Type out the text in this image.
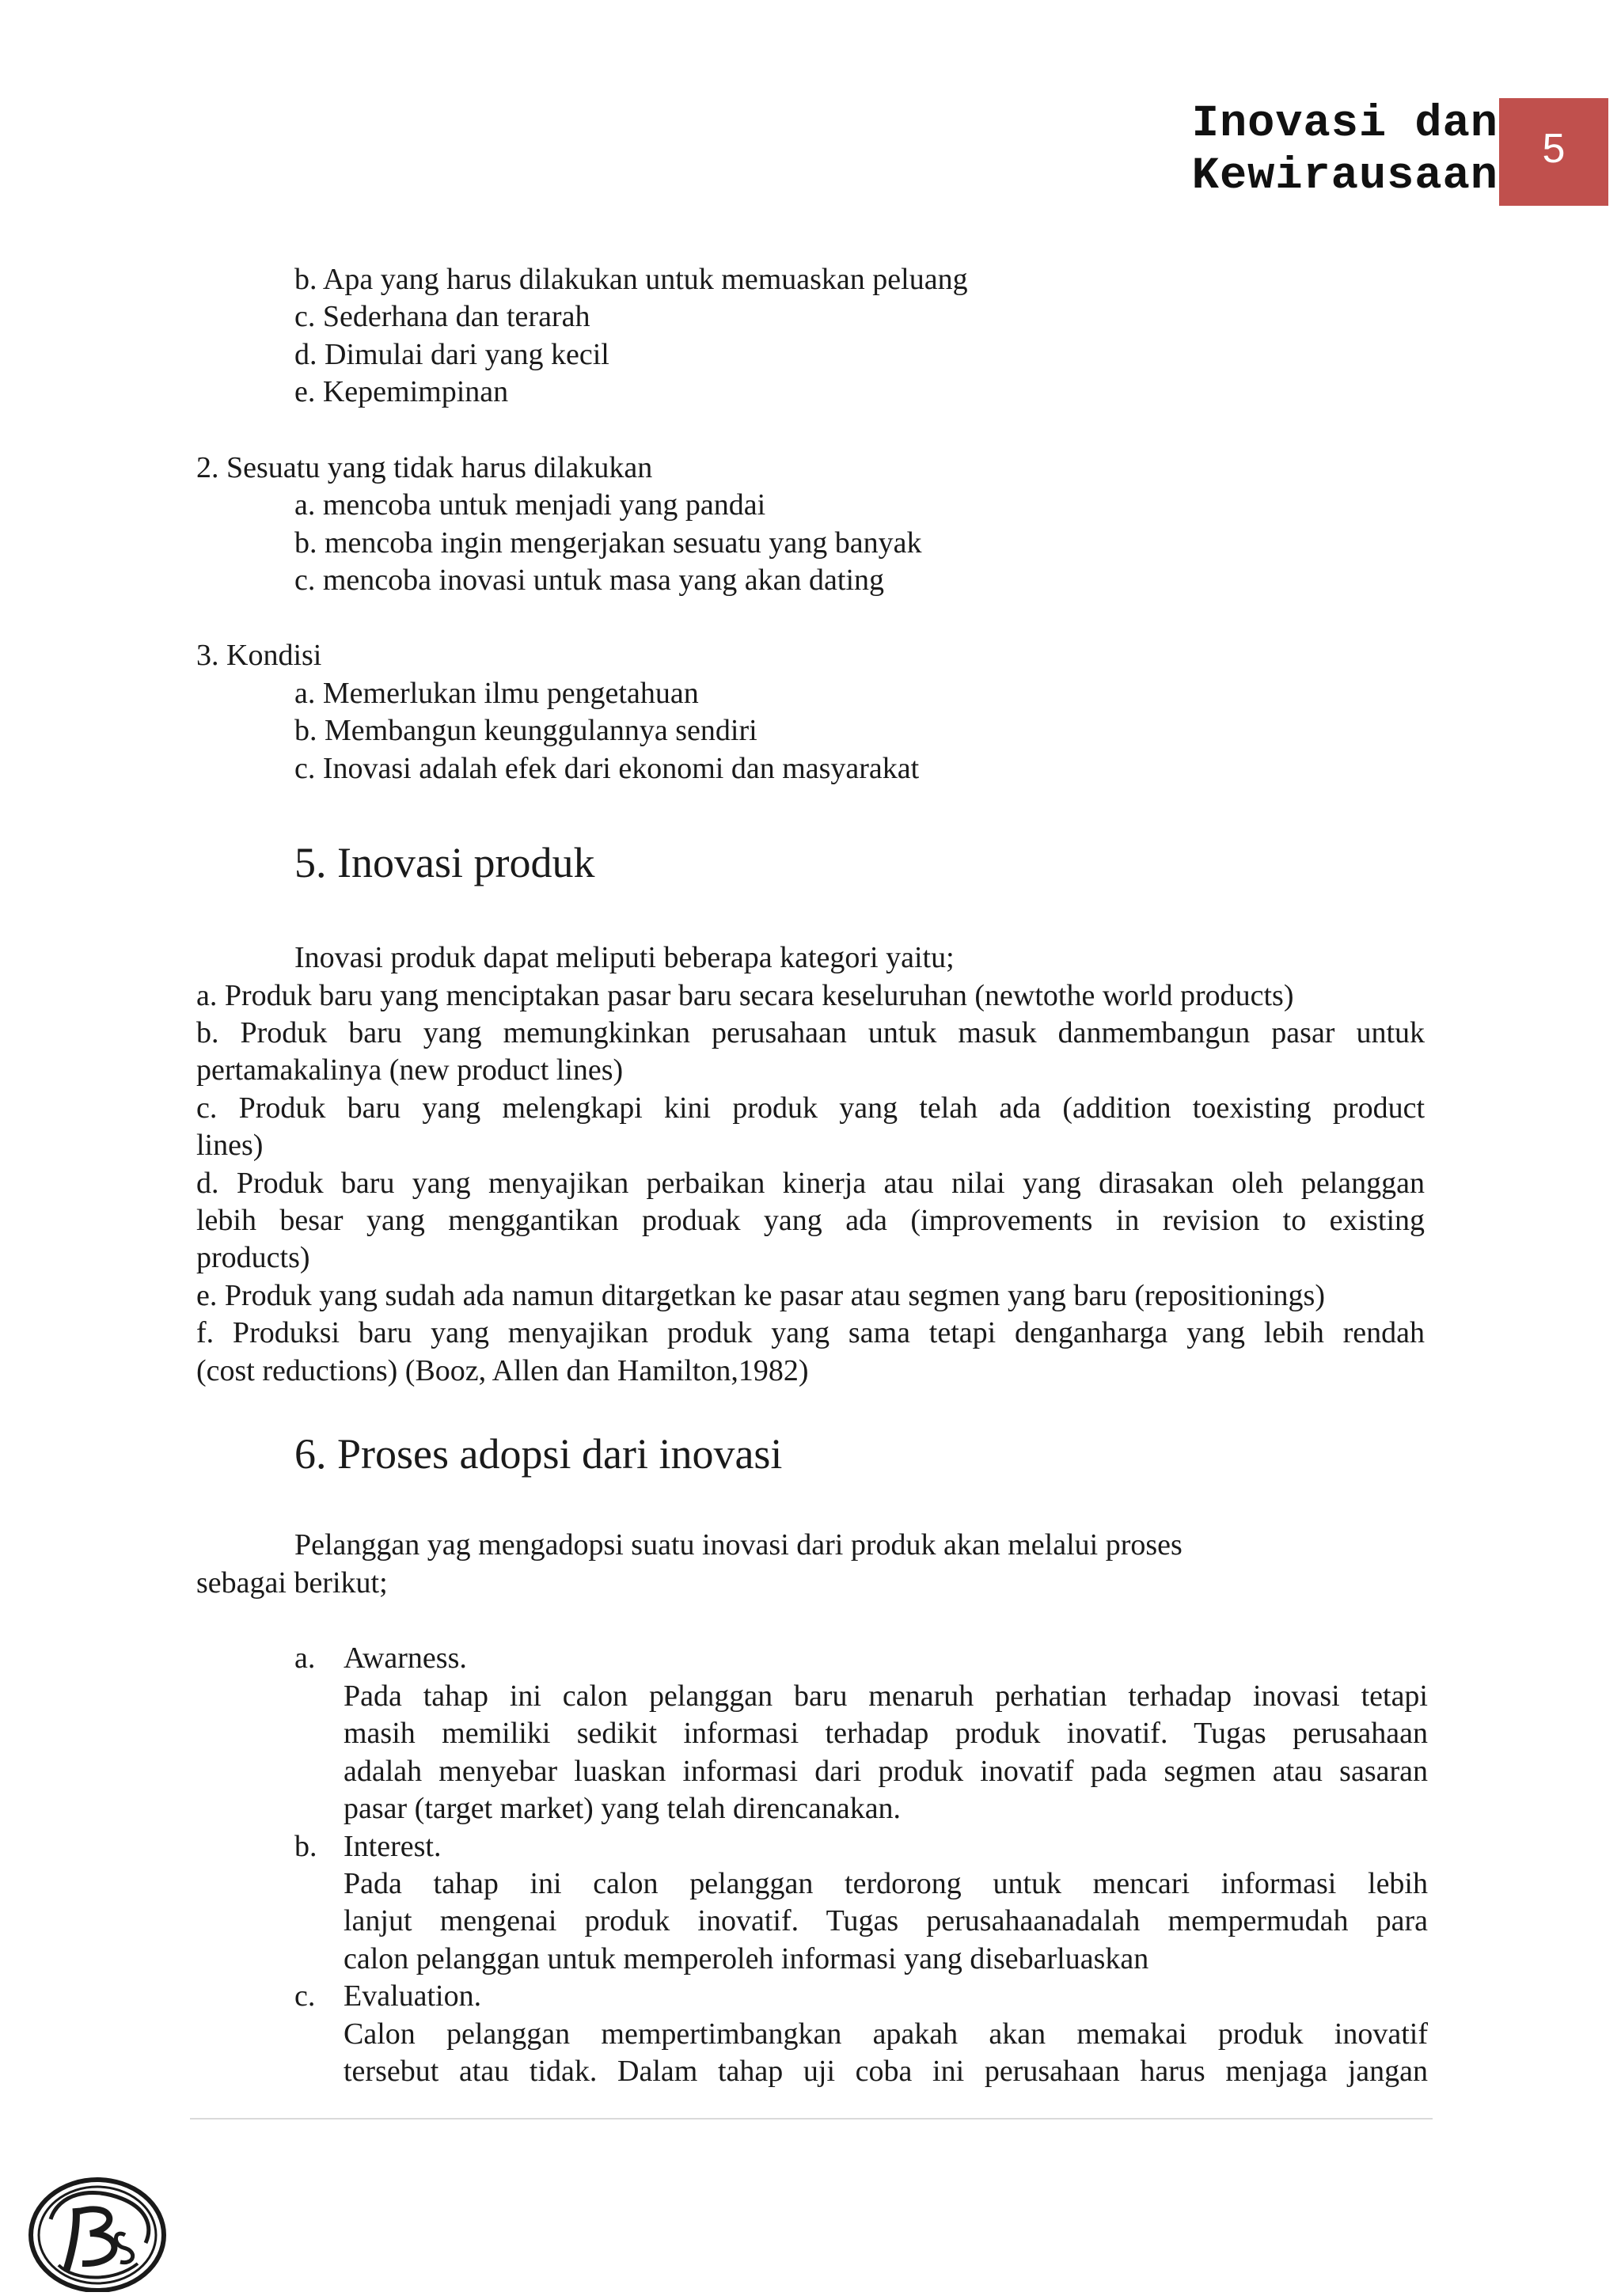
Inovasi dan
Kewirausaan
5
b. Apa yang harus dilakukan untuk memuaskan peluang
c. Sederhana dan terarah
d. Dimulai dari yang kecil
e. Kepemimpinan
2. Sesuatu yang tidak harus dilakukan
a. mencoba untuk menjadi yang pandai
b. mencoba ingin mengerjakan sesuatu yang banyak
c. mencoba inovasi untuk masa yang akan dating
3. Kondisi
a. Memerlukan ilmu pengetahuan
b. Membangun keunggulannya sendiri
c. Inovasi adalah efek dari ekonomi dan masyarakat
5. Inovasi produk
Inovasi produk dapat meliputi beberapa kategori yaitu;
a. Produk baru yang menciptakan pasar baru secara keseluruhan (newtothe world products)
b. Produk baru yang memungkinkan perusahaan untuk masuk danmembangun pasar untuk
pertamakalinya (new product lines)
c. Produk baru yang melengkapi kini produk yang telah ada (addition toexisting product
lines)
d. Produk baru yang menyajikan perbaikan kinerja atau nilai yang dirasakan oleh pelanggan
lebih besar yang menggantikan produak yang ada (improvements in revision to existing
products)
e. Produk yang sudah ada namun ditargetkan ke pasar atau segmen yang baru (repositionings)
f. Produksi baru yang menyajikan produk yang sama tetapi denganharga yang lebih rendah
(cost reductions) (Booz, Allen dan Hamilton,1982)
6. Proses adopsi dari inovasi
Pelanggan yag mengadopsi suatu inovasi dari produk akan melalui proses
sebagai berikut;
a. Awarness.
Pada tahap ini calon pelanggan baru menaruh perhatian terhadap inovasi tetapi
masih memiliki sedikit informasi terhadap produk inovatif. Tugas perusahaan
adalah menyebar luaskan informasi dari produk inovatif pada segmen atau sasaran
pasar (target market) yang telah direncanakan.
b. Interest.
Pada tahap ini calon pelanggan terdorong untuk mencari informasi lebih
lanjut mengenai produk inovatif. Tugas perusahaanadalah mempermudah para
calon pelanggan untuk memperoleh informasi yang disebarluaskan
c. Evaluation.
Calon pelanggan mempertimbangkan apakah akan memakai produk inovatif
tersebut atau tidak. Dalam tahap uji coba ini perusahaan harus menjaga jangan
